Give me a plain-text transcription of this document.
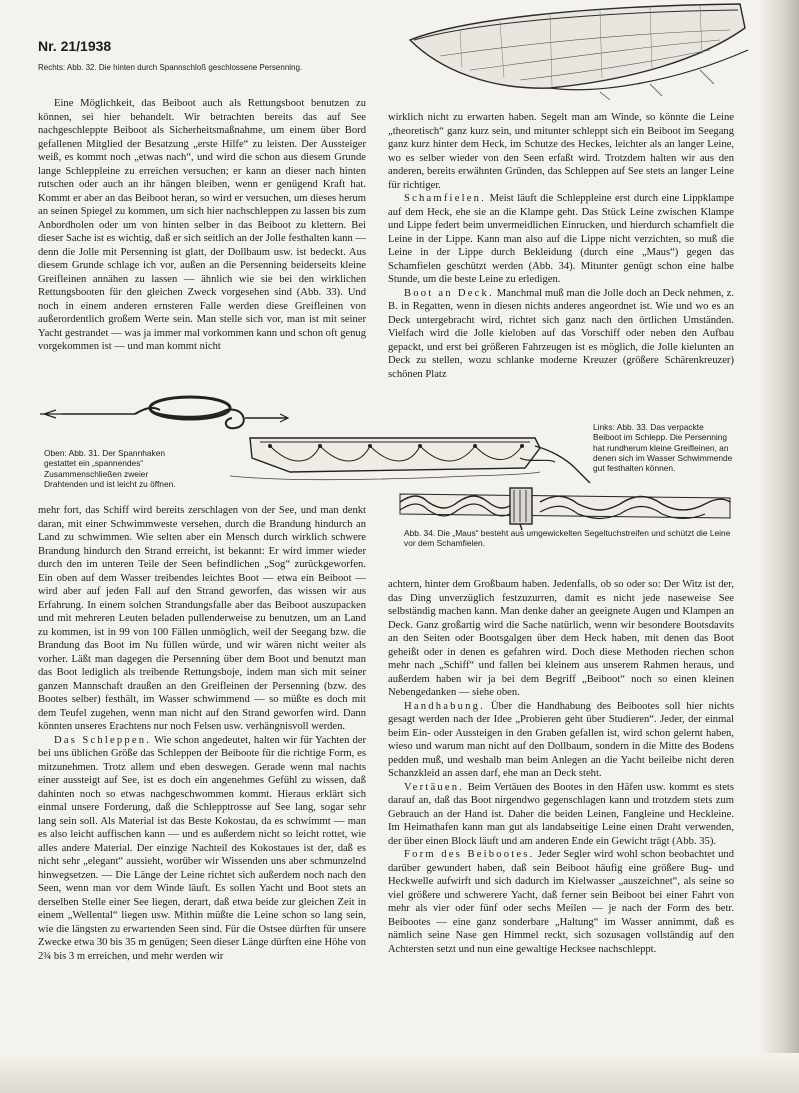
Nr. 21/1938
Rechts: Abb. 32. Die hinten durch Spannschloß geschlossene Persenning.

Eine Möglichkeit, das Beiboot auch als Rettungsboot benutzen zu können, sei hier behandelt. Wir betrachten bereits das auf See nachgeschleppte Beiboot als Sicherheitsmaßnahme, um einem über Bord gefallenen Mitglied der Besatzung „erste Hilfe“ zu leisten. Der Aussteiger weiß, es kommt noch „etwas nach“, und wird die schon aus diesem Grunde lange Schleppleine zu erreichen versuchen; er kann an dieser nach hinten rutschen oder auch an ihr hängen bleiben, wenn er genügend Kraft hat. Kommt er aber an das Beiboot heran, so wird er versuchen, um dieses herum an seinen Spiegel zu kommen, um sich hier nachschleppen zu lassen bis zum Anbordholen oder um von hinten selber in das Beiboot zu klettern. Bei dieser Sache ist es wichtig, daß er sich seitlich an der Jolle festhalten kann — denn die Jolle mit Persenning ist glatt, der Dollbaum usw. ist bedeckt. Aus diesem Grunde schlage ich vor, außen an die Persenning beiderseits kleine Greifleinen annähen zu lassen — ähnlich wie sie bei den wirklichen Rettungsbooten für den gleichen Zweck vorgesehen sind (Abb. 33). Und noch in einem anderen ernsteren Falle werden diese Greifleinen von außerordentlich großem Werte sein. Man stelle sich vor, man ist mit seiner Yacht gestrandet — was ja immer mal vorkommen kann und schon oft genug vorgekommen ist — und man kommt nicht

wirklich nicht zu erwarten haben. Segelt man am Winde, so könnte die Leine „theoretisch“ ganz kurz sein, und mitunter schleppt sich ein Beiboot im Seegang ganz kurz hinter dem Heck, im Schutze des Heckes, leichter als an langer Leine, wo es selber wieder von den Seen erfaßt wird. Trotzdem halten wir aus den anderen, bereits erwähnten Gründen, das Schleppen auf See stets an langer Leine für richtiger.

Schamfielen. Meist läuft die Schleppleine erst durch eine Lippklampe auf dem Heck, ehe sie an die Klampe geht. Das Stück Leine zwischen Klampe und Lippe federt beim unvermeidlichen Einrucken, und hierdurch schamfielt die Leine in der Lippe. Kann man also auf die Lippe nicht verzichten, so muß die Leine in der Lippe durch Bekleidung (durch eine „Maus“) gegen das Schamfielen geschützt werden (Abb. 34). Mitunter genügt schon eine halbe Stunde, um die beste Leine zu erledigen.

Boot an Deck. Manchmal muß man die Jolle doch an Deck nehmen, z. B. in Regatten, wenn in diesen nichts anderes angeordnet ist. Wie und wo es an Deck untergebracht wird, richtet sich ganz nach den örtlichen Umständen. Vielfach wird die Jolle kieloben auf das Vorschiff oder neben den Aufbau gepackt, und erst bei größeren Fahrzeugen ist es möglich, die Jolle kielunten an Deck zu stellen, wozu schlanke moderne Kreuzer (größere Schärenkreuzer) schönen Platz

Oben: Abb. 31. Der Spannhaken gestattet ein „spannendes“ Zusammenschließen zweier Drahtenden und ist leicht zu öffnen.
Links: Abb. 33. Das verpackte Beiboot im Schlepp. Die Persenning hat rundherum kleine Greifleinen, an denen sich im Wasser Schwimmende gut festhalten können.
Abb. 34. Die „Maus“ besteht aus umgewickelten Segeltuchstreifen und schützt die Leine vor dem Schamfielen.

mehr fort, das Schiff wird bereits zerschlagen von der See, und man denkt daran, mit einer Schwimmweste versehen, durch die Brandung hindurch an Land zu schwimmen. Wie selten aber ein Mensch durch wirklich schwere Brandung hindurch den Strand erreicht, ist bekannt: Er wird immer wieder durch den im unteren Teile der Seen befindlichen „Sog“ zurückgeworfen. Ein oben auf dem Wasser treibendes leichtes Boot — etwa ein Beiboot — wird aber auf jeden Fall auf den Strand geworfen, das wissen wir aus Erfahrung. In einem solchen Strandungsfalle aber das Beiboot auszupacken und mit mehreren Leuten beladen pullenderweise zu benutzen, um an Land zu kommen, ist in 99 von 100 Fällen unmöglich, weil der Seegang bzw. die Brandung das Boot im Nu füllen würde, und wir wären nicht weiter als vorher. Läßt man dagegen die Persenning über dem Boot und benutzt man das Boot lediglich als treibende Rettungsboje, indem man sich mit seiner ganzen Mannschaft draußen an den Greifleinen der Persenning (bzw. des Bootes selber) festhält, im Wasser schwimmend — so müßte es doch mit dem Teufel zugehen, wenn man nicht auf den Strand geworfen wird. Dann könnten unseres Erachtens nur noch Felsen usw. verhängnisvoll werden.

Das Schleppen. Wie schon angedeutet, halten wir für Yachten der bei uns üblichen Größe das Schleppen der Beiboote für die richtige Form, es mitzunehmen. Trotz allem und eben deswegen. Gerade wenn mal nachts einer aussteigt auf See, ist es doch ein angenehmes Gefühl zu wissen, daß dahinten noch so etwas nachgeschwommen kommt. Hieraus erklärt sich einmal unsere Forderung, daß die Schlepptrosse auf See lang, sogar sehr lang sein soll. Als Material ist das Beste Kokostau, da es schwimmt — man es also leicht auffischen kann — und es außerdem nicht so leicht rottet, wie alles andere Material. Der einzige Nachteil des Kokostaues ist der, daß es nicht sehr „elegant“ aussieht, worüber wir Wissenden uns aber schmunzelnd hinwegsetzen. — Die Länge der Leine richtet sich außerdem noch nach den Seen, wenn man vor dem Winde läuft. Es sollen Yacht und Boot stets an derselben Stelle einer See liegen, derart, daß etwa beide zur gleichen Zeit in einem „Wellental“ liegen usw. Mithin müßte die Leine schon so lang sein, wie die längsten zu erwartenden Seen sind. Für die Ostsee dürften für unsere Zwecke etwa 30 bis 35 m genügen; Seen dieser Länge dürften eine Höhe von 2¾ bis 3 m erreichen, und mehr werden wir

achtern, hinter dem Großbaum haben. Jedenfalls, ob so oder so: Der Witz ist der, das Ding unverzüglich festzuzurren, damit es nicht jede naseweise See selbständig machen kann. Man denke daher an geeignete Augen und Klampen an Deck. Ganz großartig wird die Sache natürlich, wenn wir besondere Bootsdavits an den Seiten oder Bootsgalgen über dem Heck haben, mit denen das Boot geheißt oder in denen es gefahren wird. Doch diese Methoden riechen schon mehr nach „Schiff“ und fallen bei kleinem aus unserem Rahmen heraus, und außerdem haben wir ja bei dem Begriff „Beiboot“ noch so einen kleinen Nebengedanken — siehe oben.

Handhabung. Über die Handhabung des Beibootes soll hier nichts gesagt werden nach der Idee „Probieren geht über Studieren“. Jeder, der einmal beim Ein- oder Aussteigen in den Graben gefallen ist, wird schon gelernt haben, wieso und warum man nicht auf den Dollbaum, sondern in die Mitte des Bodens pedden muß, und weshalb man beim Anlegen an die Yacht beileibe nicht deren Schanzkleid an assen darf, ehe man an Deck steht.

Vertäuen. Beim Vertäuen des Bootes in den Häfen usw. kommt es stets darauf an, daß das Boot nirgendwo gegenschlagen kann und trotzdem stets zum Gebrauch an der Hand ist. Daher die beiden Leinen, Fangleine und Heckleine. Im Heimathafen kann man gut als landabseitige Leine einen Draht verwenden, der über einen Block läuft und am anderen Ende ein Gewicht trägt (Abb. 35).

Form des Beibootes. Jeder Segler wird wohl schon beobachtet und darüber gewundert haben, daß sein Beiboot häufig eine größere Bug- und Heckwelle aufwirft und sich dadurch im Kielwasser „auszeichnet“, als seine so viel größere und schwerere Yacht, daß ferner sein Beiboot bei einer Fahrt von mehr als vier oder fünf oder sechs Meilen — je nach der Form des betr. Beibootes — eine ganz sonderbare „Haltung“ im Wasser annimmt, daß es nämlich seine Nase gen Himmel reckt, sich sozusagen vollständig auf den Achtersten setzt und nun eine gewaltige Hecksee nachschleppt.
